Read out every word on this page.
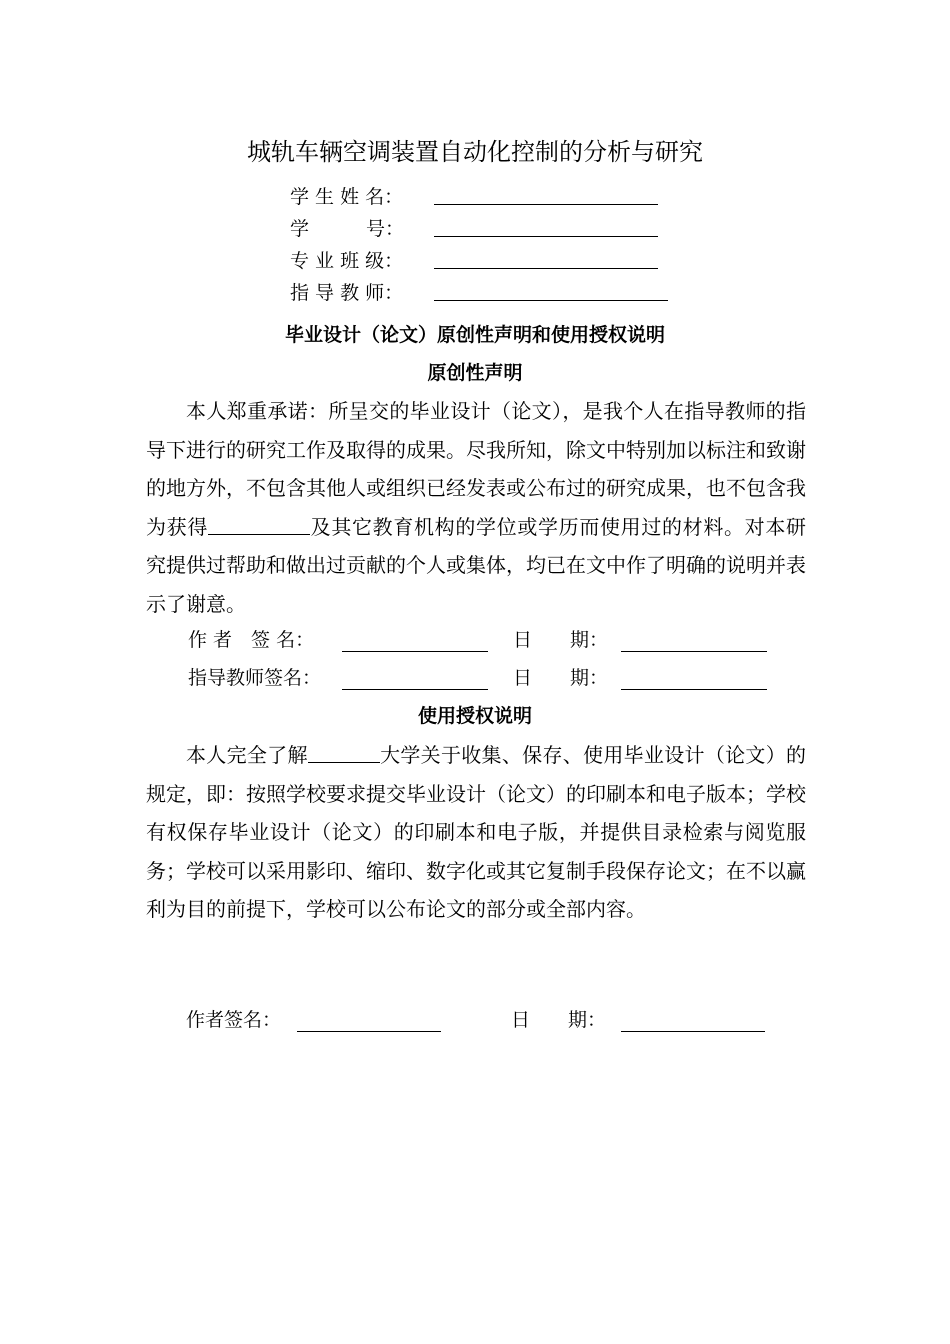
城轨车辆空调装置自动化控制的分析与研究
学 生 姓 名：
学　　　号：
专 业 班 级：
指 导 教 师：
毕业设计（论文）原创性声明和使用授权说明
原创性声明
本人郑重承诺：所呈交的毕业设计（论文），是我个人在指导教师的指导下进行的研究工作及取得的成果。尽我所知，除文中特别加以标注和致谢的地方外，不包含其他人或组织已经发表或公布过的研究成果，也不包含我为获得	及其它教育机构的学位或学历而使用过的材料。对本研究提供过帮助和做出过贡献的个人或集体，均已在文中作了明确的说明并表示了谢意。
作 者　签 名：	日　　期：
指导教师签名：	日　　期：
使用授权说明
本人完全了解	大学关于收集、保存、使用毕业设计（论文）的规定，即：按照学校要求提交毕业设计（论文）的印刷本和电子版本；学校有权保存毕业设计（论文）的印刷本和电子版，并提供目录检索与阅览服务；学校可以采用影印、缩印、数字化或其它复制手段保存论文；在不以赢利为目的前提下，学校可以公布论文的部分或全部内容。
作者签名：	日　　期：
